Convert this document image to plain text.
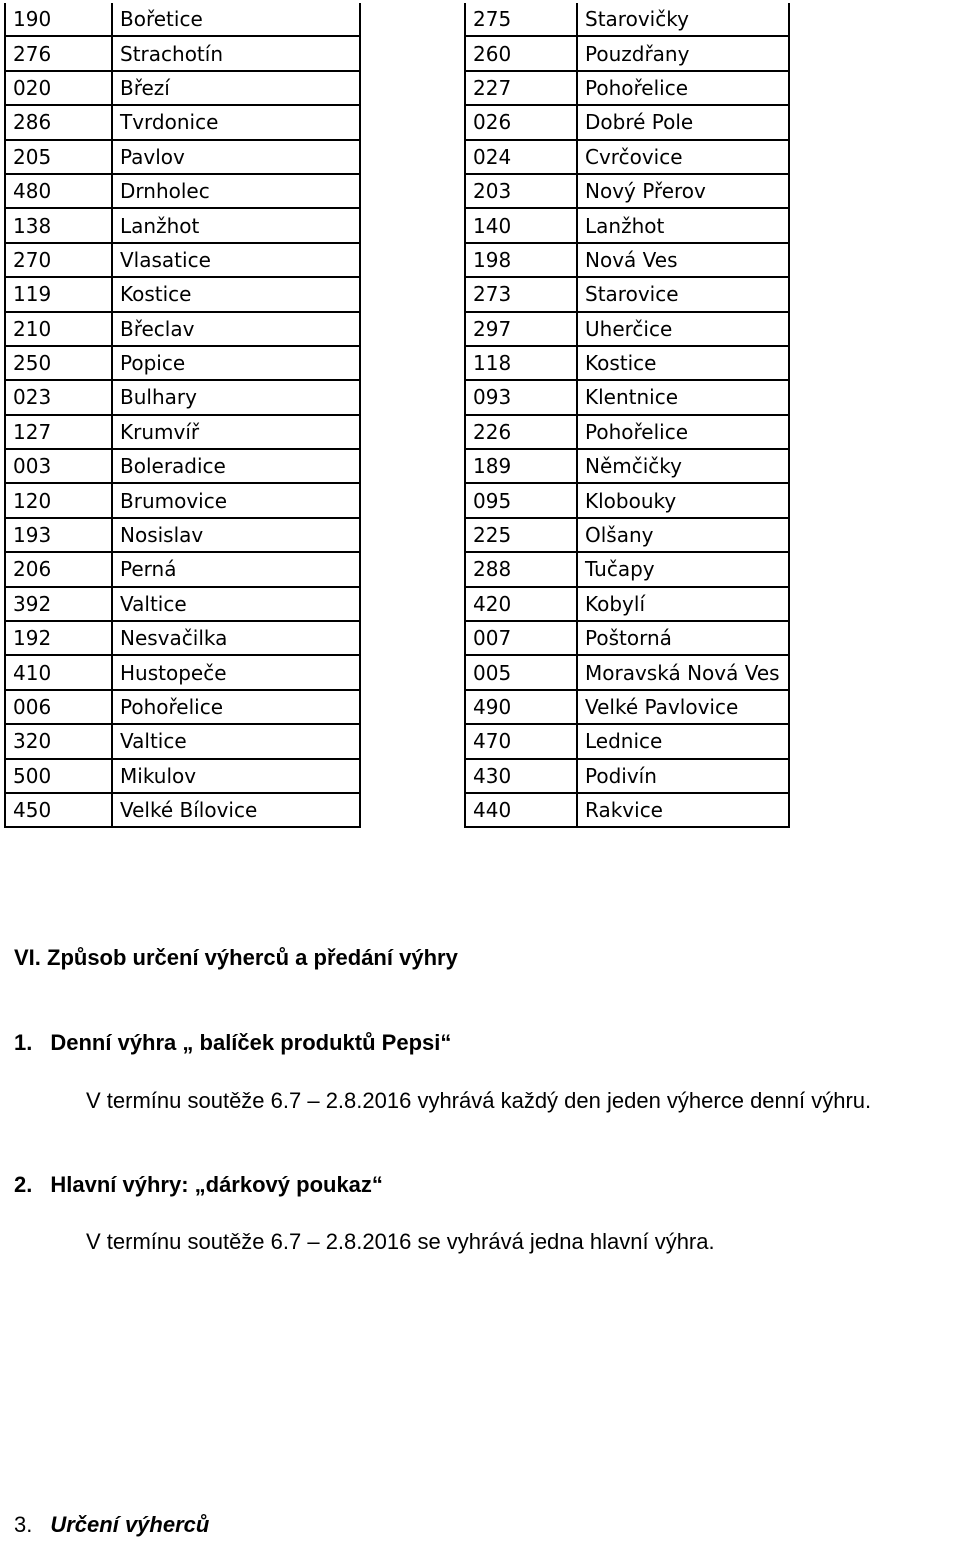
190	Bořetice
276	Strachotín
020	Březí
286	Tvrdonice
205	Pavlov
480	Drnholec
138	Lanžhot
270	Vlasatice
119	Kostice
210	Břeclav
250	Popice
023	Bulhary
127	Krumvíř
003	Boleradice
120	Brumovice
193	Nosislav
206	Perná
392	Valtice
192	Nesvačilka
410	Hustopeče
006	Pohořelice
320	Valtice
500	Mikulov
450	Velké Bílovice
275	Starovičky
260	Pouzdřany
227	Pohořelice
026	Dobré Pole
024	Cvrčovice
203	Nový Přerov
140	Lanžhot
198	Nová Ves
273	Starovice
297	Uherčice
118	Kostice
093	Klentnice
226	Pohořelice
189	Němčičky
095	Klobouky
225	Olšany
288	Tučapy
420	Kobylí
007	Poštorná
005	Moravská Nová Ves
490	Velké Pavlovice
470	Lednice
430	Podivín
440	Rakvice
VI. Způsob určení výherců a předání výhry
1. Denní výhra „ balíček produktů Pepsi“
V termínu soutěže 6.7 – 2.8.2016 vyhrává každý den jeden výherce denní výhru.
2. Hlavní výhry: „dárkový poukaz“
V termínu soutěže 6.7 – 2.8.2016 se vyhrává jedna hlavní výhra.
3. Určení výherců
